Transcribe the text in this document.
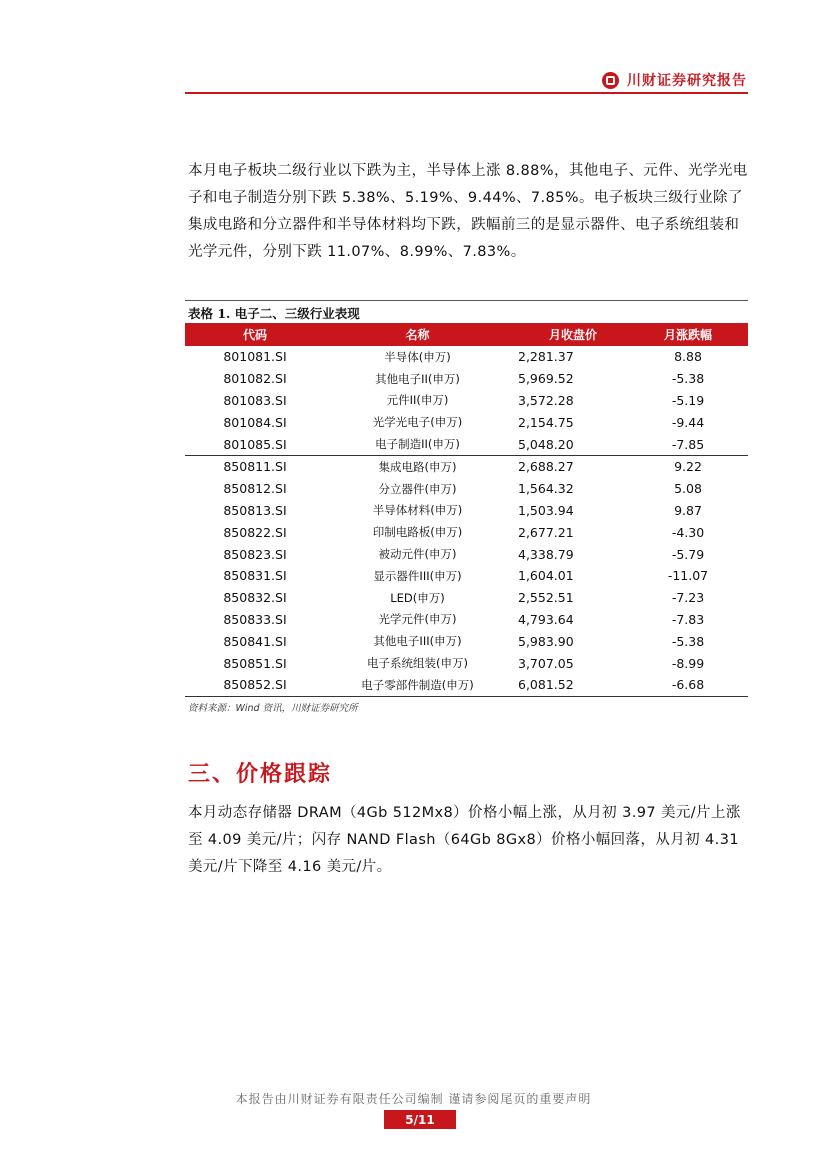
川财证券研究报告

本月电子板块二级行业以下跌为主，半导体上涨 8.88%，其他电子、元件、光学光电子和电子制造分别下跌 5.38%、5.19%、9.44%、7.85%。电子板块三级行业除了集成电路和分立器件和半导体材料均下跌，跌幅前三的是显示器件、电子系统组装和光学元件，分别下跌 11.07%、8.99%、7.83%。

表格 1. 电子二、三级行业表现
代码	名称	月收盘价	月涨跌幅
801081.SI	半导体(申万)	2,281.37	8.88
801082.SI	其他电子II(申万)	5,969.52	-5.38
801083.SI	元件II(申万)	3,572.28	-5.19
801084.SI	光学光电子(申万)	2,154.75	-9.44
801085.SI	电子制造II(申万)	5,048.20	-7.85
850811.SI	集成电路(申万)	2,688.27	9.22
850812.SI	分立器件(申万)	1,564.32	5.08
850813.SI	半导体材料(申万)	1,503.94	9.87
850822.SI	印制电路板(申万)	2,677.21	-4.30
850823.SI	被动元件(申万)	4,338.79	-5.79
850831.SI	显示器件III(申万)	1,604.01	-11.07
850832.SI	LED(申万)	2,552.51	-7.23
850833.SI	光学元件(申万)	4,793.64	-7.83
850841.SI	其他电子III(申万)	5,983.90	-5.38
850851.SI	电子系统组装(申万)	3,707.05	-8.99
850852.SI	电子零部件制造(申万)	6,081.52	-6.68
资料来源：Wind 资讯，川财证券研究所
三、价格跟踪

本月动态存储器 DRAM（4Gb 512Mx8）价格小幅上涨，从月初 3.97 美元/片上涨至 4.09 美元/片；闪存 NAND Flash（64Gb 8Gx8）价格小幅回落，从月初 4.31 美元/片下降至 4.16 美元/片。

本报告由川财证券有限责任公司编制 谨请参阅尾页的重要声明
5/11
